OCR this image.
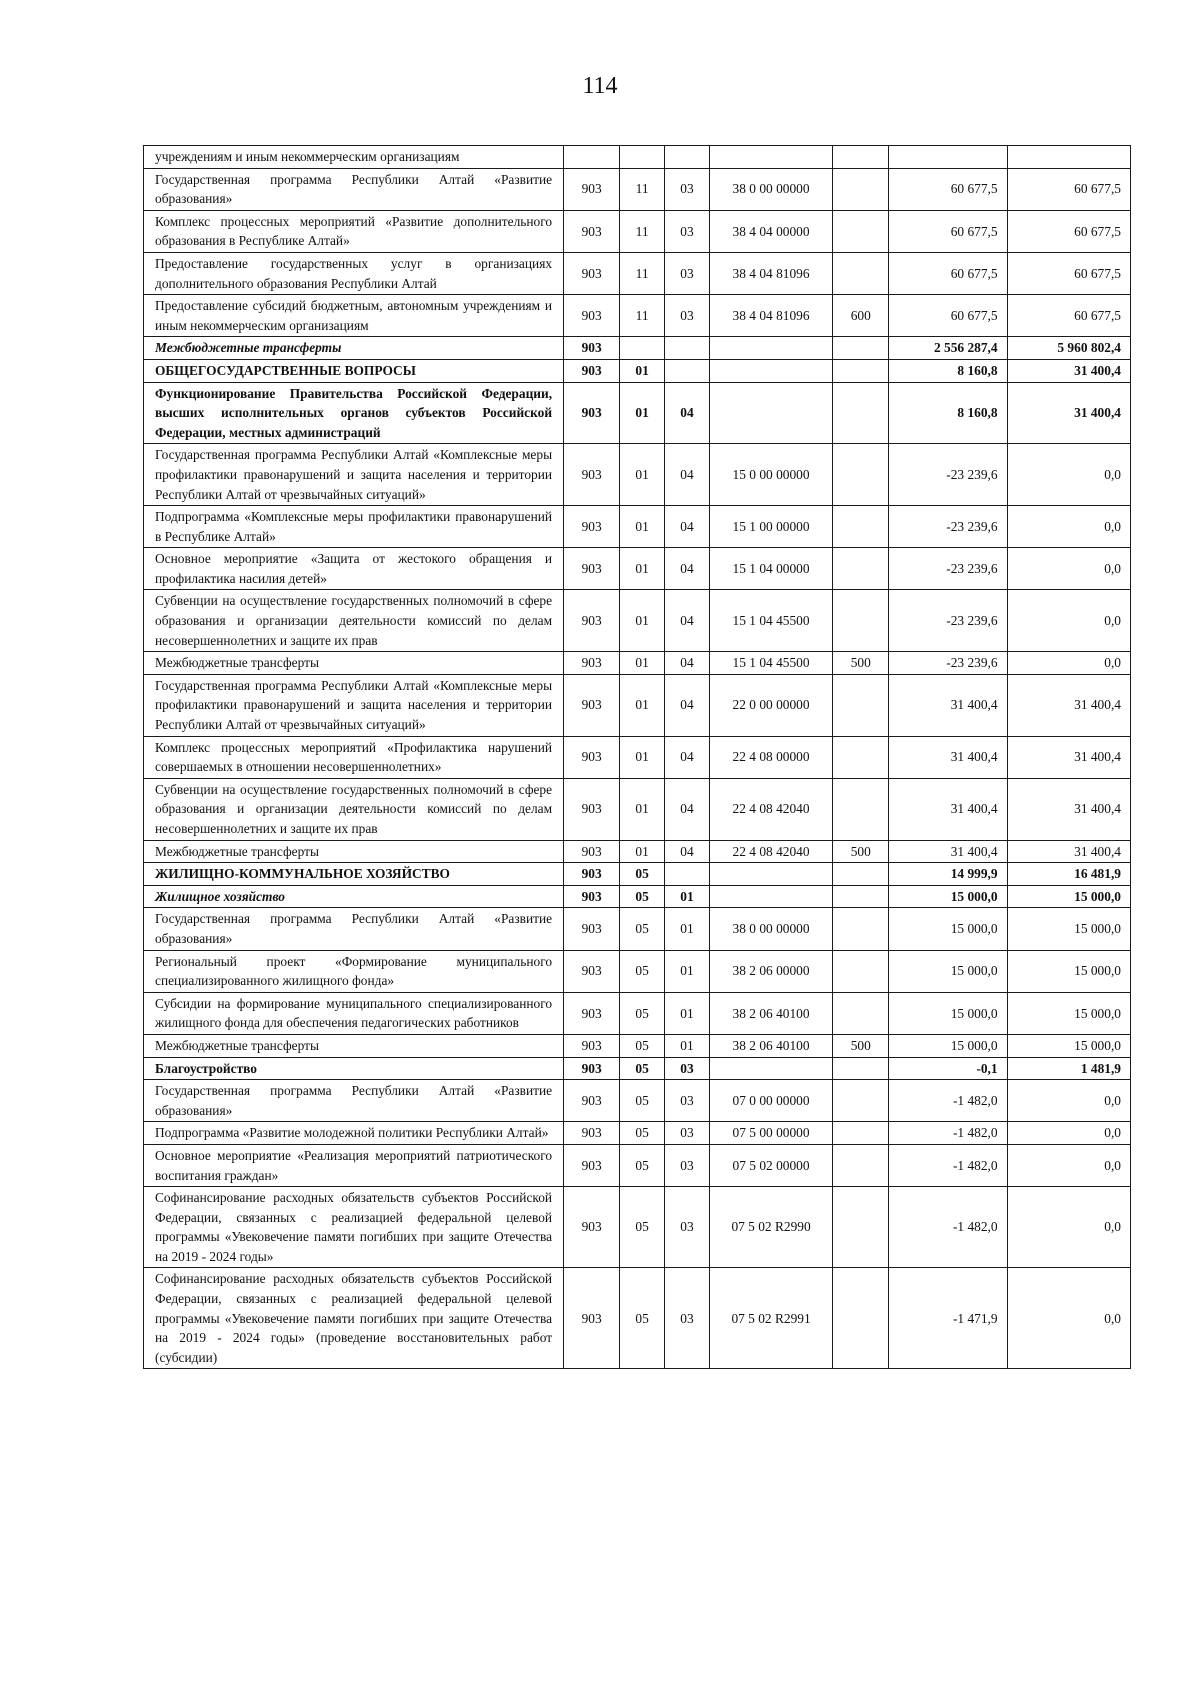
114
учреждениям и иным некоммерческим организациям							
Государственная программа Республики Алтай «Развитие образования»	903	11	03	38 0 00 00000		60 677,5	60 677,5
Комплекс процессных мероприятий «Развитие дополнительного образования в Республике Алтай»	903	11	03	38 4 04 00000		60 677,5	60 677,5
Предоставление государственных услуг в организациях дополнительного образования Республики Алтай	903	11	03	38 4 04 81096		60 677,5	60 677,5
Предоставление субсидий бюджетным, автономным учреждениям и иным некоммерческим организациям	903	11	03	38 4 04 81096	600	60 677,5	60 677,5
Межбюджетные трансферты	903					2 556 287,4	5 960 802,4
ОБЩЕГОСУДАРСТВЕННЫЕ ВОПРОСЫ	903	01				8 160,8	31 400,4
Функционирование Правительства Российской Федерации, высших исполнительных органов субъектов Российской Федерации, местных администраций	903	01	04			8 160,8	31 400,4
Государственная программа Республики Алтай «Комплексные меры профилактики правонарушений и защита населения и территории Республики Алтай от чрезвычайных ситуаций»	903	01	04	15 0 00 00000		-23 239,6	0,0
Подпрограмма «Комплексные меры профилактики правонарушений в Республике Алтай»	903	01	04	15 1 00 00000		-23 239,6	0,0
Основное мероприятие «Защита от жестокого обращения и профилактика насилия детей»	903	01	04	15 1 04 00000		-23 239,6	0,0
Субвенции на осуществление государственных полномочий в сфере образования и организации деятельности комиссий по делам несовершеннолетних и защите их прав	903	01	04	15 1 04 45500		-23 239,6	0,0
Межбюджетные трансферты	903	01	04	15 1 04 45500	500	-23 239,6	0,0
Государственная программа Республики Алтай «Комплексные меры профилактики правонарушений и защита населения и территории Республики Алтай от чрезвычайных ситуаций»	903	01	04	22 0 00 00000		31 400,4	31 400,4
Комплекс процессных мероприятий «Профилактика нарушений совершаемых в отношении несовершеннолетних»	903	01	04	22 4 08 00000		31 400,4	31 400,4
Субвенции на осуществление государственных полномочий в сфере образования и организации деятельности комиссий по делам несовершеннолетних и защите их прав	903	01	04	22 4 08 42040		31 400,4	31 400,4
Межбюджетные трансферты	903	01	04	22 4 08 42040	500	31 400,4	31 400,4
ЖИЛИЩНО-КОММУНАЛЬНОЕ ХОЗЯЙСТВО	903	05				14 999,9	16 481,9
Жилищное хозяйство	903	05	01			15 000,0	15 000,0
Государственная программа Республики Алтай «Развитие образования»	903	05	01	38 0 00 00000		15 000,0	15 000,0
Региональный проект «Формирование муниципального специализированного жилищного фонда»	903	05	01	38 2 06 00000		15 000,0	15 000,0
Субсидии на формирование муниципального специализированного жилищного фонда для обеспечения педагогических работников	903	05	01	38 2 06 40100		15 000,0	15 000,0
Межбюджетные трансферты	903	05	01	38 2 06 40100	500	15 000,0	15 000,0
Благоустройство	903	05	03			-0,1	1 481,9
Государственная программа Республики Алтай «Развитие образования»	903	05	03	07 0 00 00000		-1 482,0	0,0
Подпрограмма «Развитие молодежной политики Республики Алтай»	903	05	03	07 5 00 00000		-1 482,0	0,0
Основное мероприятие «Реализация мероприятий патриотического воспитания граждан»	903	05	03	07 5 02 00000		-1 482,0	0,0
Софинансирование расходных обязательств субъектов Российской Федерации, связанных с реализацией федеральной целевой программы «Увековечение памяти погибших при защите Отечества на 2019 - 2024 годы»	903	05	03	07 5 02 R2990		-1 482,0	0,0
Софинансирование расходных обязательств субъектов Российской Федерации, связанных с реализацией федеральной целевой программы «Увековечение памяти погибших при защите Отечества на 2019 - 2024 годы» (проведение восстановительных работ (субсидии)	903	05	03	07 5 02 R2991		-1 471,9	0,0
